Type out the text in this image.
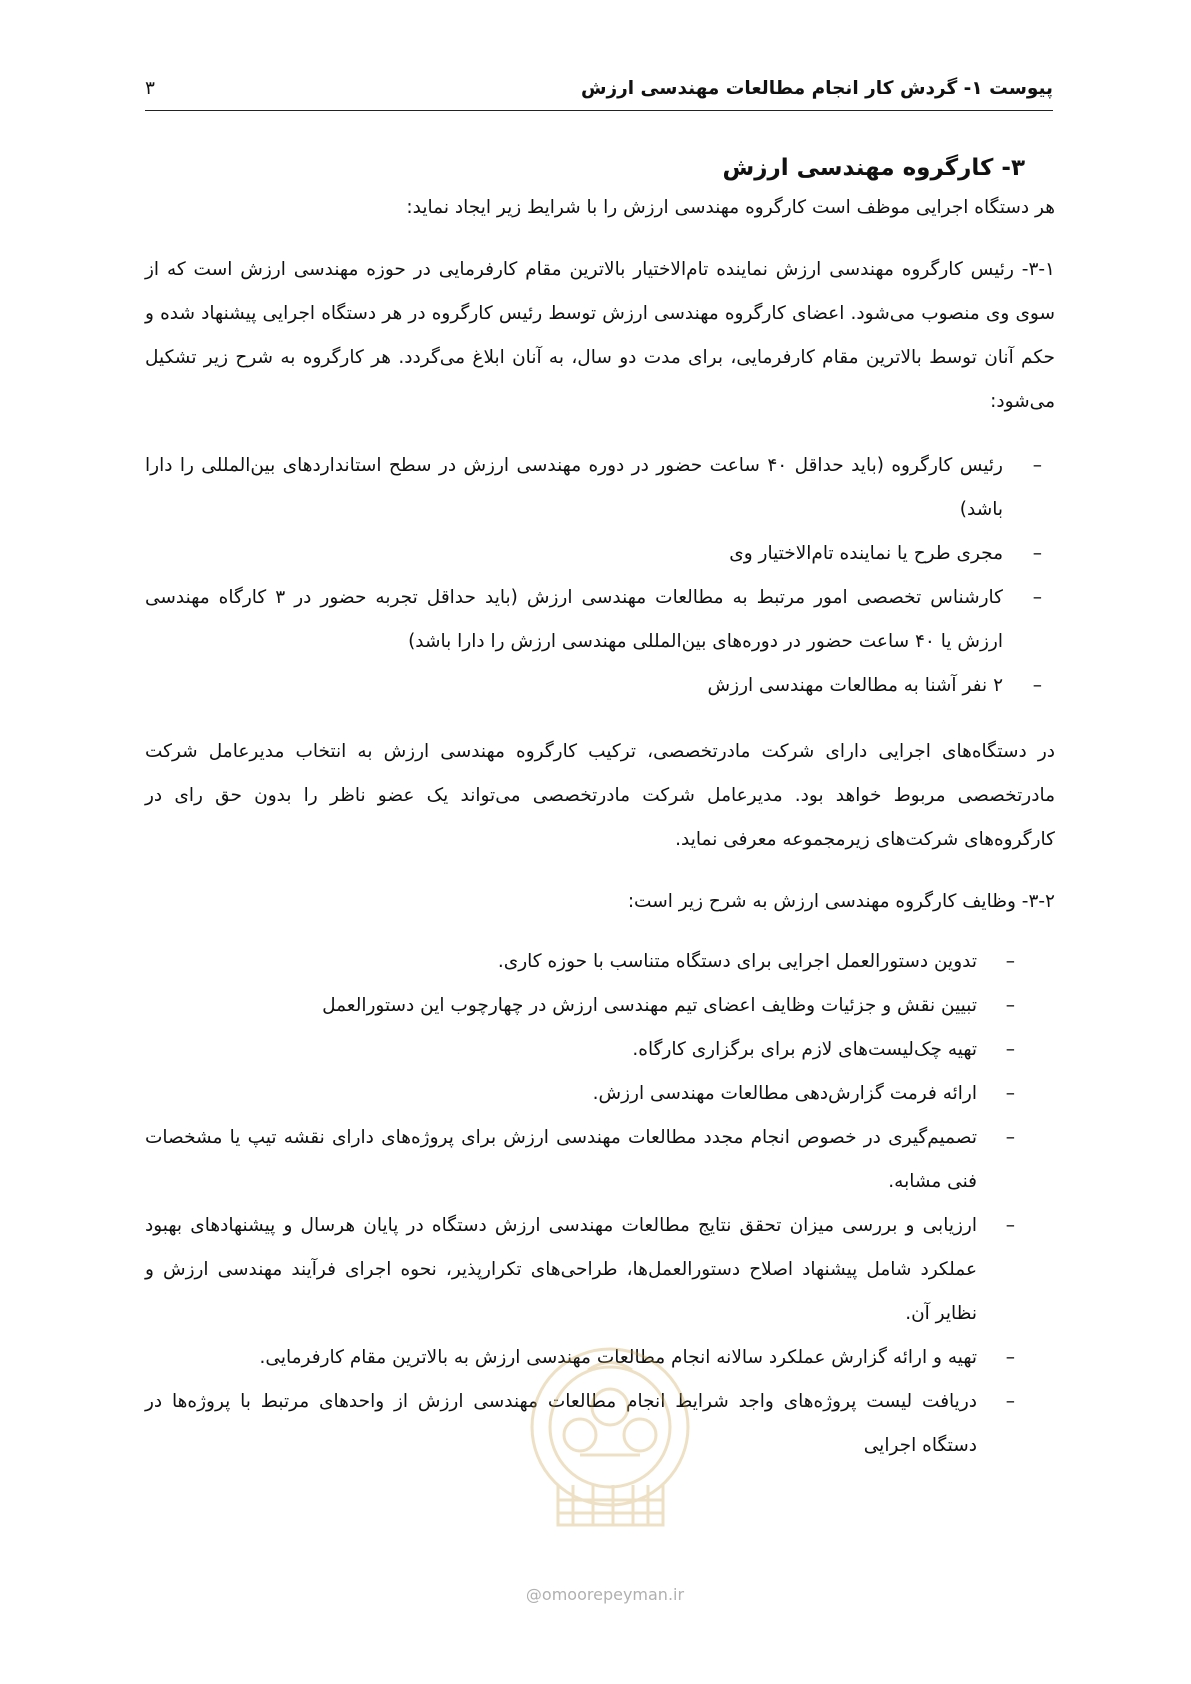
پیوست ۱- گردش کار انجام مطالعات مهندسی ارزش
۳

۳- کارگروه مهندسی ارزش

هر دستگاه اجرایی موظف است کارگروه مهندسی ارزش را با شرایط زیر ایجاد نماید:

۳-۱- رئیس کارگروه مهندسی ارزش نماینده تام‌الاختیار بالاترین مقام کارفرمایی در حوزه مهندسی ارزش است که از سوی وی منصوب می‌شود. اعضای کارگروه مهندسی ارزش توسط رئیس کارگروه در هر دستگاه اجرایی پیشنهاد شده و حکم آنان توسط بالاترین مقام کارفرمایی، برای مدت دو سال، به آنان ابلاغ می‌گردد. هر کارگروه به شرح زیر تشکیل می‌شود:

–
رئیس کارگروه (باید حداقل ۴۰ ساعت حضور در دوره مهندسی ارزش در سطح استانداردهای بین‌المللی را دارا باشد)
–
مجری طرح یا نماینده تام‌الاختیار وی
–
کارشناس تخصصی امور مرتبط به مطالعات مهندسی ارزش (باید حداقل تجربه حضور در ۳ کارگاه مهندسی ارزش یا ۴۰ ساعت حضور در دوره‌های بین‌المللی مهندسی ارزش را دارا باشد)
–
۲ نفر آشنا به مطالعات مهندسی ارزش

در دستگاه‌های اجرایی دارای شرکت مادرتخصصی، ترکیب کارگروه مهندسی ارزش به انتخاب مدیرعامل شرکت مادرتخصصی مربوط خواهد بود. مدیرعامل شرکت مادرتخصصی می‌تواند یک عضو ناظر را بدون حق رای در کارگروه‌های شرکت‌های زیرمجموعه معرفی نماید.

۳-۲- وظایف کارگروه مهندسی ارزش به شرح زیر است:

–
تدوین دستورالعمل اجرایی برای دستگاه متناسب با حوزه کاری.
–
تبیین نقش و جزئیات وظایف اعضای تیم مهندسی ارزش در چهارچوب این دستورالعمل
–
تهیه چک‌لیست‌های لازم برای برگزاری کارگاه.
–
ارائه فرمت گزارش‌دهی مطالعات مهندسی ارزش.
–
تصمیم‌گیری در خصوص انجام مجدد مطالعات مهندسی ارزش برای پروژه‌های دارای نقشه تیپ یا مشخصات فنی مشابه.
–
ارزیابی و بررسی میزان تحقق نتایج مطالعات مهندسی ارزش دستگاه در پایان هرسال و پیشنهادهای بهبود عملکرد شامل پیشنهاد اصلاح دستورالعمل‌ها، طراحی‌های تکرارپذیر، نحوه اجرای فرآیند مهندسی ارزش و نظایر آن.
–
تهیه و ارائه گزارش عملکرد سالانه انجام مطالعات مهندسی ارزش به بالاترین مقام کارفرمایی.
–
دریافت لیست پروژه‌های واجد شرایط انجام مطالعات مهندسی ارزش از واحدهای مرتبط با پروژه‌ها در دستگاه اجرایی
@omoorepeyman.ir
